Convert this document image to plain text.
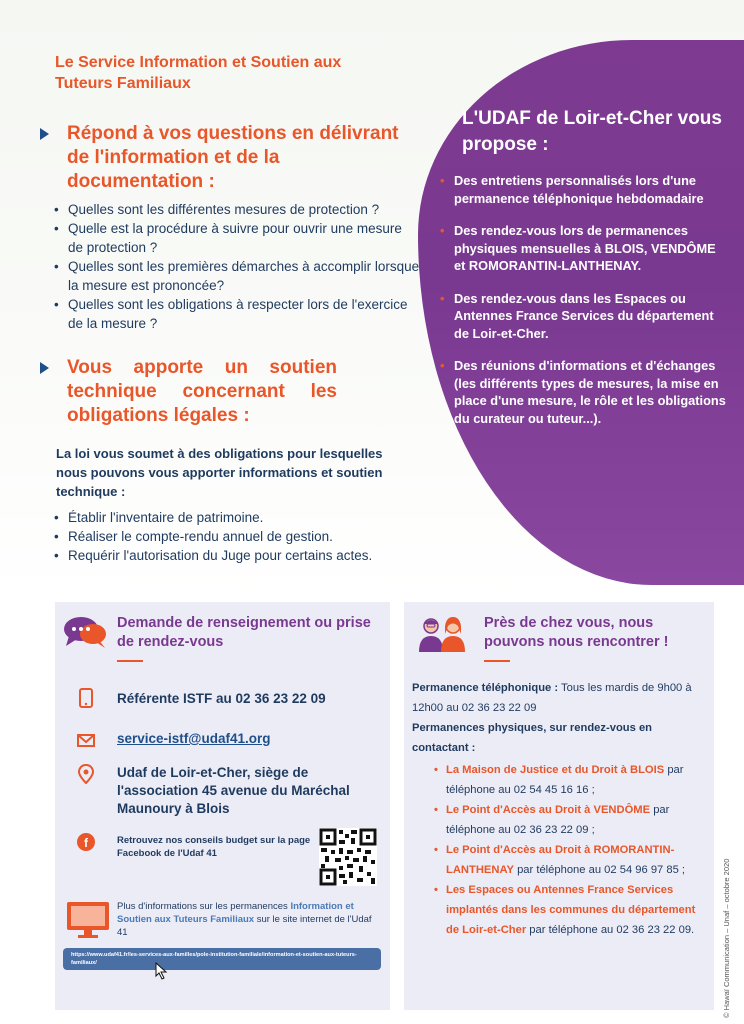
Le Service Information et Soutien aux Tuteurs Familiaux
Répond à vos questions en délivrant de l'information et de la documentation :
• Quelles sont les différentes mesures de protection ?
• Quelle est la procédure à suivre pour ouvrir une mesure de protection ?
• Quelles sont les premières démarches à accomplir lorsque la mesure est prononcée?
• Quelles sont les obligations à respecter lors de l'exercice de la mesure ?
Vous apporte un soutien technique concernant les obligations légales :
La loi vous soumet à des obligations pour lesquelles nous pouvons vous apporter informations et soutien technique :
• Établir l'inventaire de patrimoine.
• Réaliser le compte-rendu annuel de gestion.
• Requérir l'autorisation du Juge pour certains actes.
L'UDAF de Loir-et-Cher vous propose :
• Des entretiens personnalisés lors d'une permanence téléphonique hebdomadaire
• Des rendez-vous lors de permanences physiques mensuelles à BLOIS, VENDÔME et ROMORANTIN-LANTHENAY.
• Des rendez-vous dans les Espaces ou Antennes France Services du département de Loir-et-Cher.
• Des réunions d'informations et d'échanges (les différents types de mesures, la mise en place d'une mesure, le rôle et les obligations du curateur ou tuteur...).
Demande de renseignement ou prise de rendez-vous
Référente ISTF au 02 36 23 22 09
service-istf@udaf41.org
Udaf de Loir-et-Cher, siège de l'association 45 avenue du Maréchal Maunoury à Blois
f	Retrouvez nos conseils budget sur la page Facebook de l'Udaf 41
Plus d'informations sur les permanences Information et Soutien aux Tuteurs Familiaux sur le site internet de l'Udaf 41
https://www.udaf41.fr/les-services-aux-familles/pole-institution-familiale/information-et-soutien-aux-tuteurs-familiaux/
Près de chez vous, nous pouvons nous rencontrer !
Permanence téléphonique : Tous les mardis de 9h00 à 12h00 au 02 36 23 22 09
Permanences physiques, sur rendez-vous en contactant :
• La Maison de Justice et du Droit à BLOIS par téléphone au 02 54 45 16 16 ;
• Le Point d'Accès au Droit à VENDÔME par téléphone au 02 36 23 22 09 ;
• Le Point d'Accès au Droit à ROMORANTIN-LANTHENAY par téléphone au 02 54 96 97 85 ;
• Les Espaces ou Antennes France Services implantés dans les communes du département de Loir-et-Cher par téléphone au 02 36 23 22 09.	© Hawaï Communication – Unaf – octobre 2020
